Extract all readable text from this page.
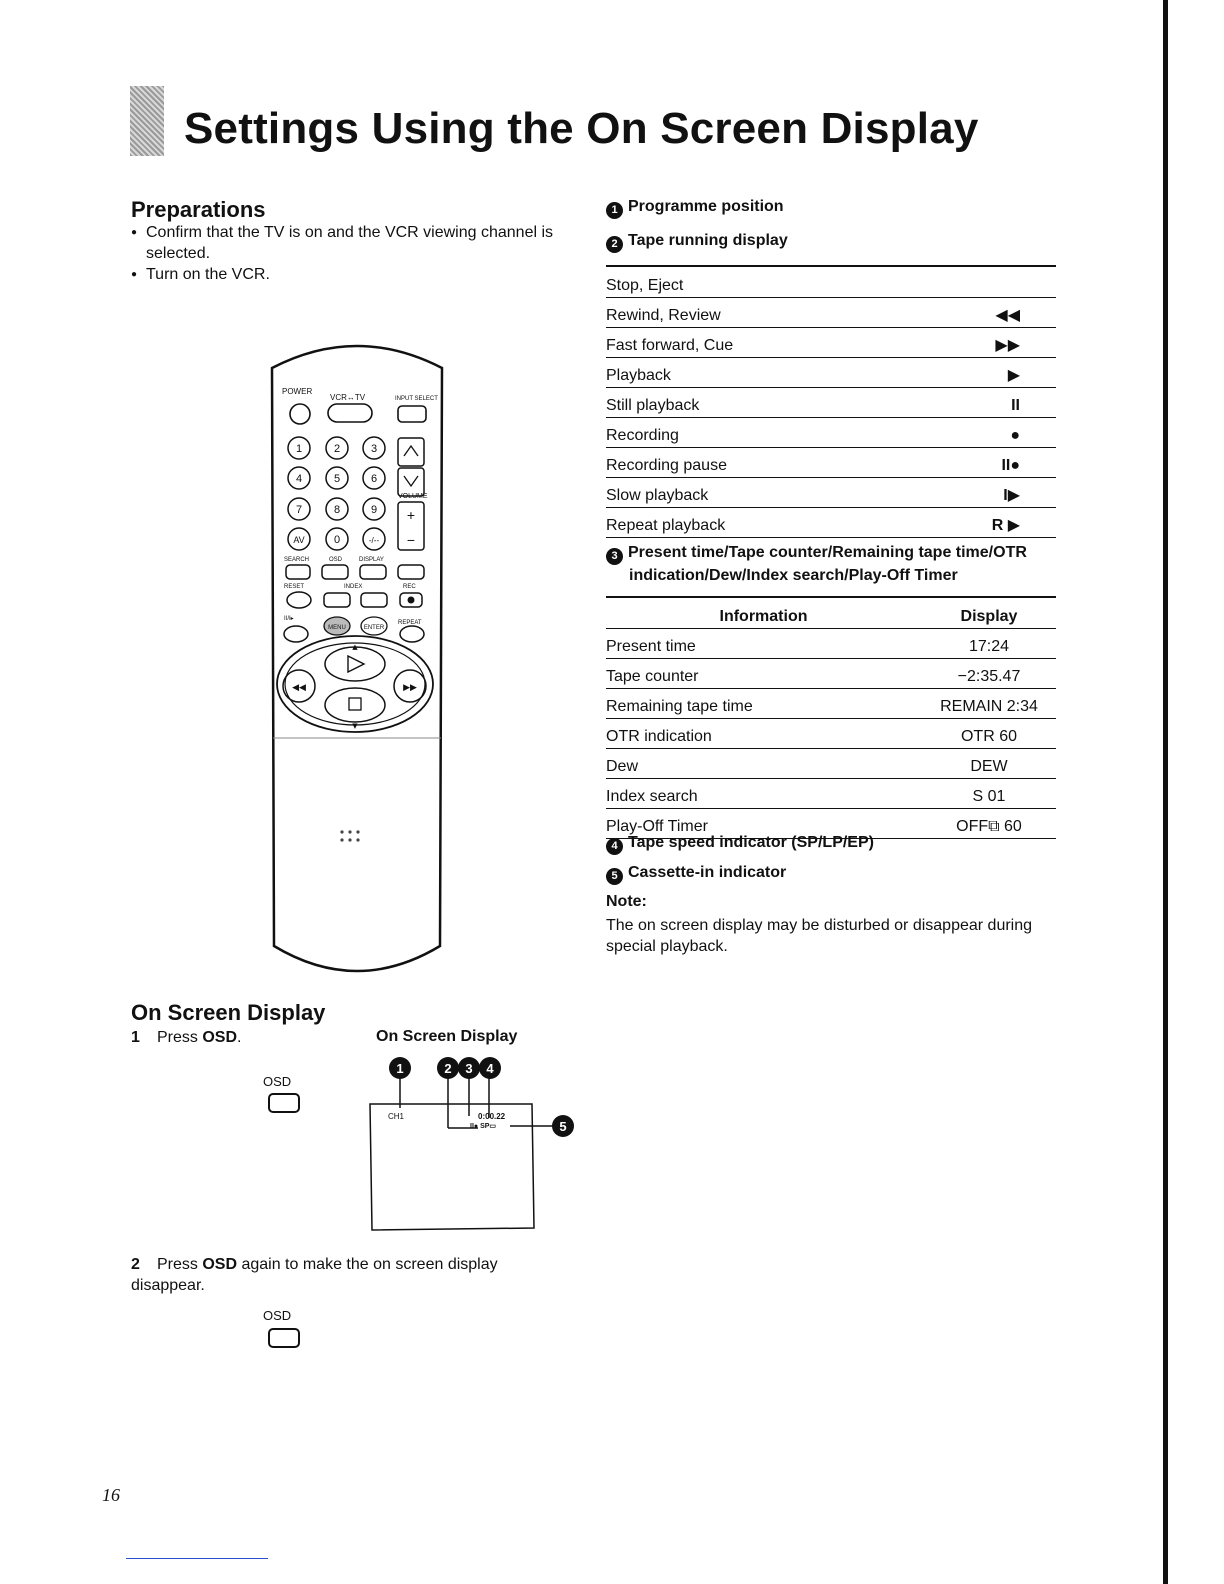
Settings Using the On Screen Display
Preparations
● Confirm that the TV is on and the VCR viewing channel is selected.
● Turn on the VCR.
POWER
VCR↔TV	INPUT SELECT
1	2	3
4	5	6
7	8	9
AV	0	-/--
VOLUME
+
−
SEARCH	OSD	DISPLAY
RESET	INDEX	REC
II/I▸
REPEAT
MENU	ENTER
◀◀	▶▶
▲
▼
1 Programme position
2 Tape running display
Stop, Eject	
Rewind, Review	◀◀
Fast forward, Cue	▶▶
Playback	▶
Still playback	II
Recording	●
Recording pause	II●
Slow playback	I▶
Repeat playback	R ▶
3 Present time/Tape counter/Remaining tape time/OTR
indication/Dew/Index search/Play-Off Timer
Information	Display
Present time	17:24
Tape counter	−2:35.47
Remaining tape time	REMAIN 2:34
OTR indication	OTR 60
Dew	DEW
Index search	S 01
Play-Off Timer	OFF⧉ 60
4 Tape speed indicator (SP/LP/EP)
5 Cassette-in indicator
Note:
The on screen display may be disturbed or disappear during special playback.
On Screen Display
1 Press OSD.
OSD
On Screen Display
CH1	0:00.22
II● SP▭
1	2 3 4
5
2 Press OSD again to make the on screen display disappear.
OSD
16
